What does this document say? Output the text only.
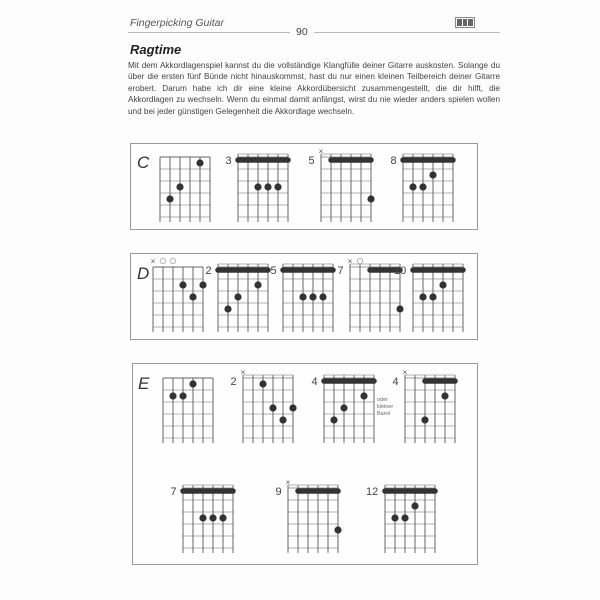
Fingerpicking Guitar
90
Ragtime
Mit dem Akkordlagenspiel kannst du die vollständige Klangfülle deiner Gitarre auskosten. Solange du über die ersten fünf Bünde nicht hinauskommst, hast du nur einen kleinen Teilbereich deiner Gitarre erobert. Darum habe ich dir eine kleine Akkordübersicht zusammengestellt, die dir hilft, die Akkordlagen zu wechseln. Wenn du einmal damit anfängst, wirst du nie wieder anders spielen wollen und bei jeder günstigen Gelegenheit die Akkordlage wechseln.
C	3
×
5	8
D
×
2	5
×
7	10
E
×
2	4
×
4
7
×
9	12
oder
kleiner
Barré
